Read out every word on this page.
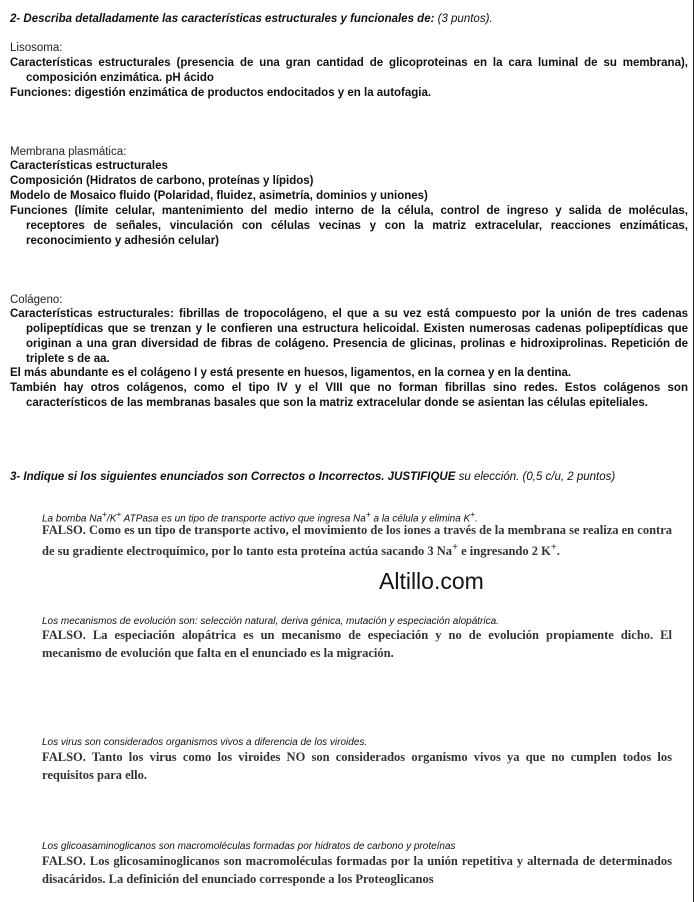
2- Describa detalladamente las características estructurales y funcionales de: (3 puntos).
Lisosoma:
Características estructurales (presencia de una gran cantidad de glicoproteinas en la cara luminal de su membrana), composición enzimática. pH ácido
Funciones: digestión enzimática de productos endocitados y en la autofagia.
Membrana plasmática:
Características estructurales
Composición (Hidratos de carbono, proteínas y lípidos)
Modelo de Mosaico fluido (Polaridad, fluidez, asimetría, dominios y uniones)
Funciones (límite celular, mantenimiento del medio interno de la célula, control de ingreso y salida de moléculas, receptores de señales, vinculación con células vecinas y con la matriz extracelular, reacciones enzimáticas, reconocimiento y adhesión celular)
Colágeno:
Características estructurales: fibrillas de tropocolágeno, el que a su vez está compuesto por la unión de tres cadenas polipeptídicas que se trenzan y le confieren una estructura helicoidal. Existen numerosas cadenas polipeptídicas que originan a una gran diversidad de fibras de colágeno. Presencia de glicinas, prolinas e hidroxiprolinas. Repetición de triplete s de aa.
El más abundante es el colágeno I y está presente en huesos, ligamentos, en la cornea y en la dentina.
También hay otros colágenos, como el tipo IV y el VIII que no forman fibrillas sino redes. Estos colágenos son característicos de las membranas basales que son la matriz extracelular donde se asientan las células epiteliales.
3- Indique si los siguientes enunciados son Correctos o Incorrectos. JUSTIFIQUE su elección. (0,5 c/u, 2 puntos)
La bomba Na+/K+ ATPasa es un tipo de transporte activo que ingresa Na+ a la célula y elimina K+.
FALSO. Como es un tipo de transporte activo, el movimiento de los iones a través de la membrana se realiza en contra de su gradiente electroquímico, por lo tanto esta proteína actúa sacando 3 Na+ e ingresando 2 K+.
Altillo.com
Los mecanismos de evolución son: selección natural, deriva génica, mutación y especiación alopátrica.
FALSO. La especiación alopátrica es un mecanismo de especiación y no de evolución propiamente dicho. El mecanismo de evolución que falta en el enunciado es la migración.
Los virus son considerados organismos vivos a diferencia de los viroides.
FALSO. Tanto los virus como los viroides NO son considerados organismo vivos ya que no cumplen todos los requisitos para ello.
Los glicoasaminoglicanos son macromoléculas formadas por hidratos de carbono y proteínas
FALSO. Los glicosaminoglicanos son macromoléculas formadas por la unión repetitiva y alternada de determinados disacáridos. La definición del enunciado corresponde a los Proteoglicanos
